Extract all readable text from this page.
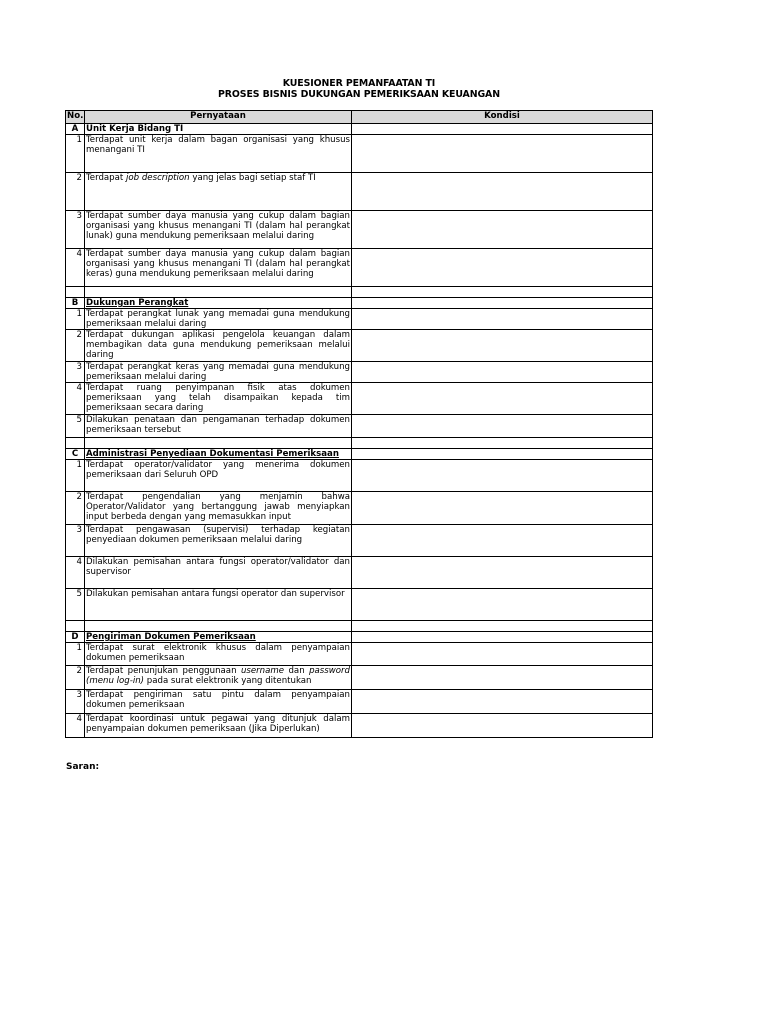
KUESIONER PEMANFAATAN TI
PROSES BISNIS DUKUNGAN PEMERIKSAAN KEUANGAN
No.	Pernyataan	Kondisi
A	Unit Kerja Bidang TI	
1	Terdapat unit kerja dalam bagan organisasi yang khusus menangani TI	
2	Terdapat job description yang jelas bagi setiap staf TI	
3	Terdapat sumber daya manusia yang cukup dalam bagian organisasi yang khusus menangani TI (dalam hal perangkat lunak) guna mendukung pemeriksaan melalui daring	
4	Terdapat sumber daya manusia yang cukup dalam bagian organisasi yang khusus menangani TI (dalam hal perangkat keras) guna mendukung pemeriksaan melalui daring	

B	Dukungan Perangkat	
1	Terdapat perangkat lunak yang memadai guna mendukung pemeriksaan melalui daring	
2	Terdapat dukungan aplikasi pengelola keuangan dalam membagikan data guna mendukung pemeriksaan melalui daring	
3	Terdapat perangkat keras yang memadai guna mendukung pemeriksaan melalui daring	
4	Terdapat ruang penyimpanan fisik atas dokumen pemeriksaan yang telah disampaikan kepada tim pemeriksaan secara daring	
5	Dilakukan penataan dan pengamanan terhadap dokumen pemeriksaan tersebut	

C	Administrasi Penyediaan Dokumentasi Pemeriksaan	
1	Terdapat operator/validator yang menerima dokumen pemeriksaan dari Seluruh OPD	
2	Terdapat pengendalian yang menjamin bahwa Operator/Validator yang bertanggung jawab menyiapkan input berbeda dengan yang memasukkan input	
3	Terdapat pengawasan (supervisi) terhadap kegiatan penyediaan dokumen pemeriksaan melalui daring	
4	Dilakukan pemisahan antara fungsi operator/validator dan supervisor	
5	Dilakukan pemisahan antara fungsi operator dan supervisor	

D	Pengiriman Dokumen Pemeriksaan	
1	Terdapat surat elektronik khusus dalam penyampaian dokumen pemeriksaan	
2	Terdapat penunjukan penggunaan username dan password (menu log-in) pada surat elektronik yang ditentukan	
3	Terdapat pengiriman satu pintu dalam penyampaian dokumen pemeriksaan	
4	Terdapat koordinasi untuk pegawai yang ditunjuk dalam penyampaian dokumen pemeriksaan (Jika Diperlukan)	
Saran:
